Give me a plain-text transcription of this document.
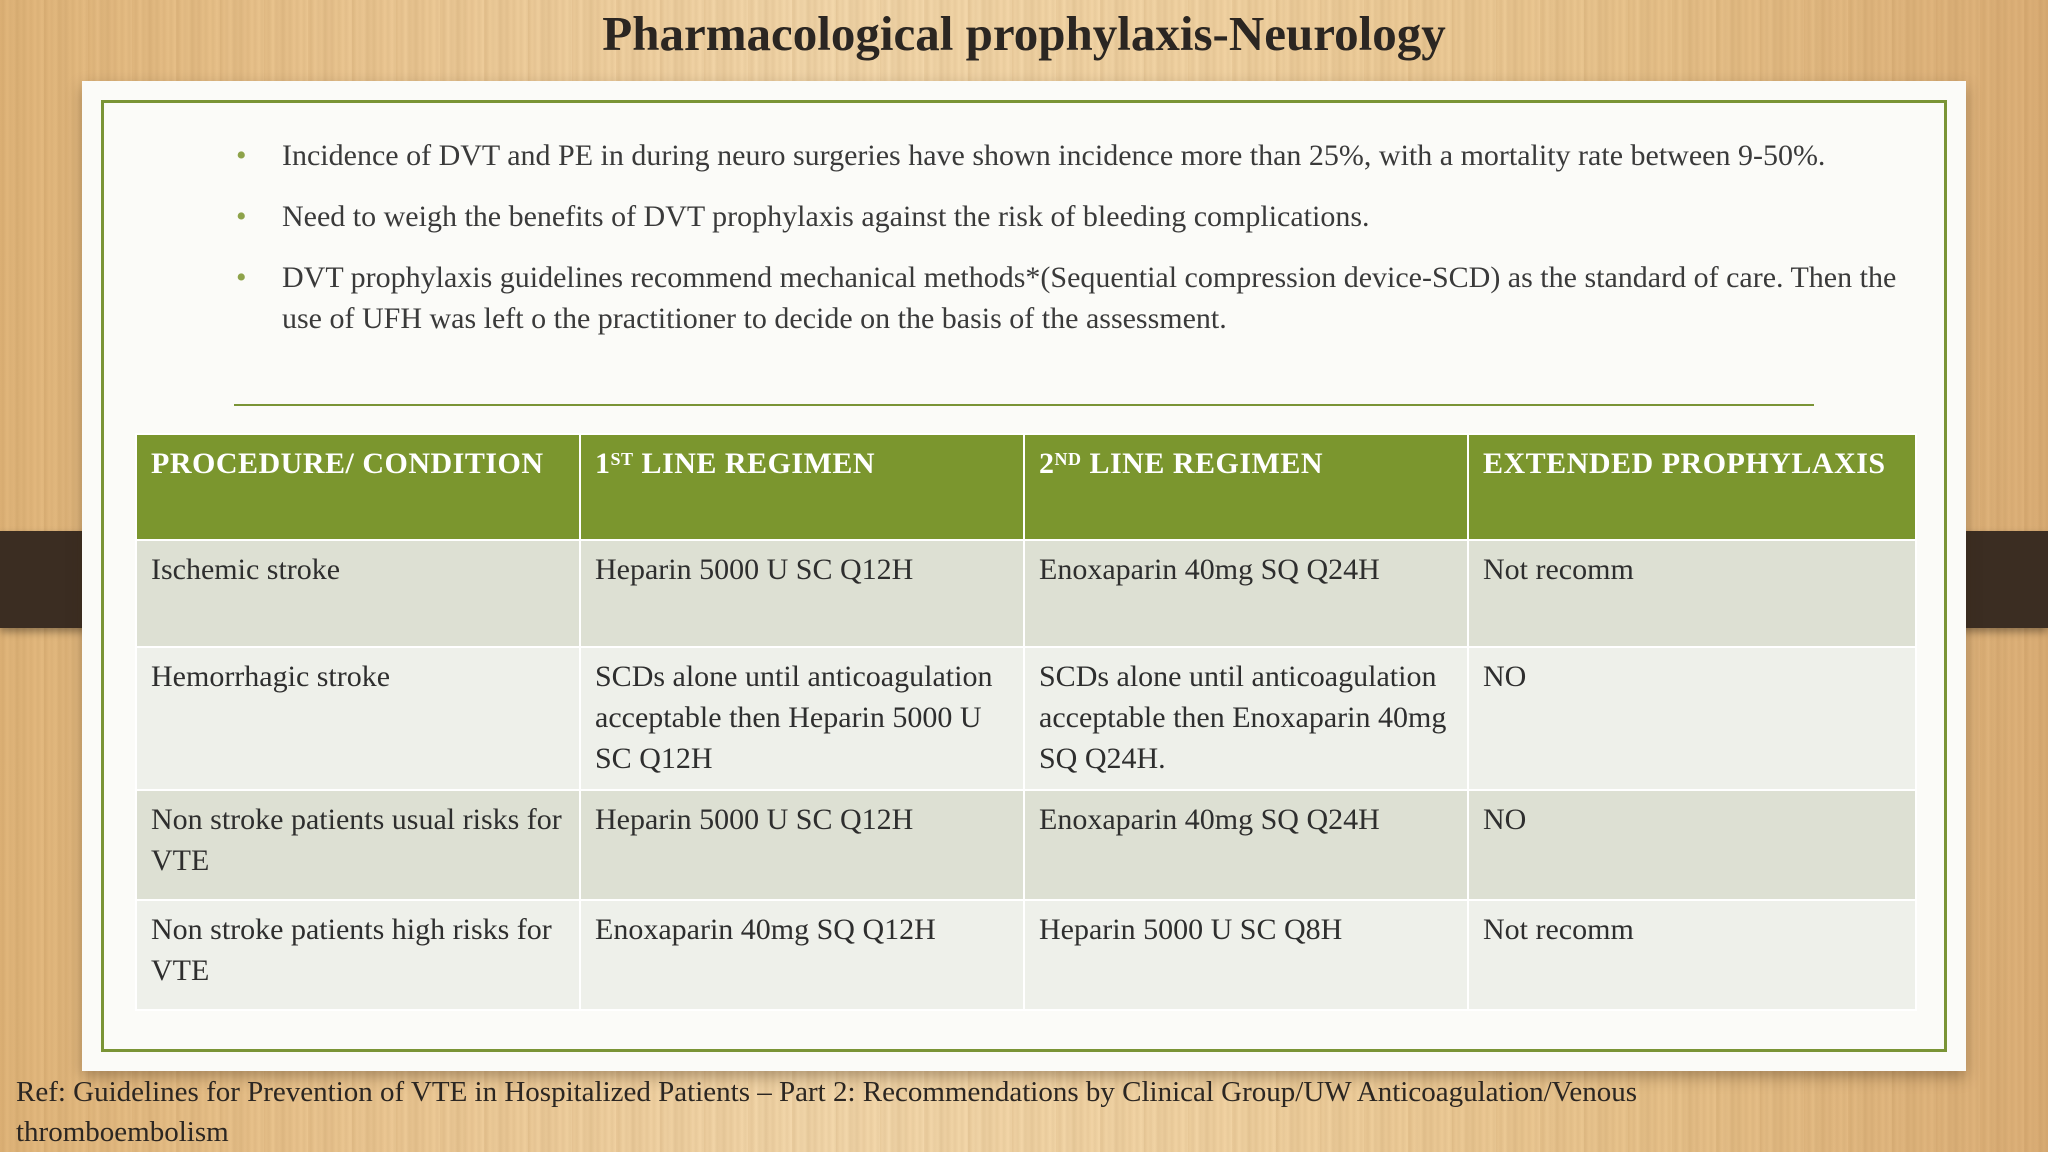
Pharmacological prophylaxis-Neurology
• Incidence of DVT and PE in during neuro surgeries have shown incidence more than 25%, with a mortality rate between 9-50%.
• Need to weigh the benefits of DVT prophylaxis against the risk of bleeding complications.
• DVT prophylaxis guidelines recommend mechanical methods*(Sequential compression device-SCD) as the standard of care. Then the use of UFH was left o the practitioner to decide on the basis of the assessment.
PROCEDURE/ CONDITION	1ST LINE REGIMEN	2ND LINE REGIMEN	EXTENDED PROPHYLAXIS
Ischemic stroke	Heparin 5000 U SC Q12H	Enoxaparin 40mg SQ Q24H	Not recomm
Hemorrhagic stroke	SCDs alone until anticoagulation acceptable then Heparin 5000 U SC Q12H	SCDs alone until anticoagulation acceptable then Enoxaparin 40mg SQ Q24H.	NO
Non stroke patients usual risks for VTE	Heparin 5000 U SC Q12H	Enoxaparin 40mg SQ Q24H	NO
Non stroke patients high risks for VTE	Enoxaparin 40mg SQ Q12H	Heparin 5000 U SC Q8H	Not recomm
Ref: Guidelines for Prevention of VTE in Hospitalized Patients – Part 2: Recommendations by Clinical Group/UW Anticoagulation/Venous thromboembolism
